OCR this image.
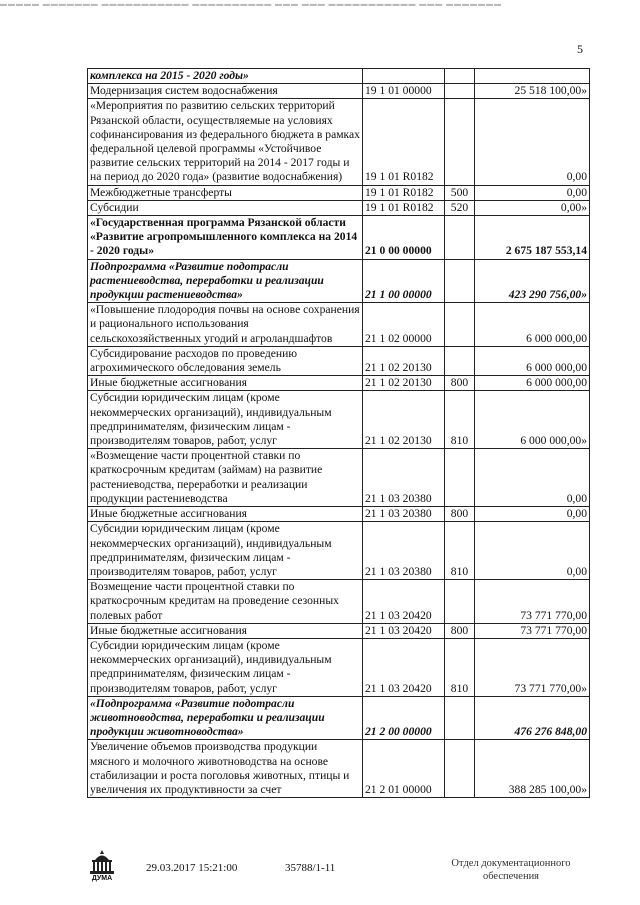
▬▬▬▬▬ ▬▬▬▬▬▬▬ ▬▬▬▬▬▬▬▬▬▬▬ ▬▬▬▬▬▬▬▬▬▬ ▬▬▬ ▬▬▬ ▬▬▬▬▬▬▬▬▬▬▬ ▬▬▬ ▬▬▬▬▬▬▬
5
комплекса на 2015 - 2020 годы»			
Модернизация систем водоснабжения	19 1 01 00000		25 518 100,00»
«Мероприятия по развитию сельских территорий Рязанской области, осуществляемые на условиях софинансирования из федерального бюджета в рамках федеральной целевой программы «Устойчивое развитие сельских территорий на 2014 - 2017 годы и на период до 2020 года» (развитие водоснабжения)	19 1 01 R0182		0,00
Межбюджетные трансферты	19 1 01 R0182	500	0,00
Субсидии	19 1 01 R0182	520	0,00»
«Государственная программа Рязанской области «Развитие агропромышленного комплекса на 2014 - 2020 годы»	21 0 00 00000		2 675 187 553,14
Подпрограмма «Развитие подотрасли растениеводства, переработки и реализации продукции растениеводства»	21 1 00 00000		423 290 756,00»
«Повышение плодородия почвы на основе сохранения и рационального использования сельскохозяйственных угодий и агроландшафтов	21 1 02 00000		6 000 000,00
Субсидирование расходов по проведению агрохимического обследования земель	21 1 02 20130		6 000 000,00
Иные бюджетные ассигнования	21 1 02 20130	800	6 000 000,00
Субсидии юридическим лицам (кроме некоммерческих организаций), индивидуальным предпринимателям, физическим лицам - производителям товаров, работ, услуг	21 1 02 20130	810	6 000 000,00»
«Возмещение части процентной ставки по краткосрочным кредитам (займам) на развитие растениеводства, переработки и реализации продукции растениеводства	21 1 03 20380		0,00
Иные бюджетные ассигнования	21 1 03 20380	800	0,00
Субсидии юридическим лицам (кроме некоммерческих организаций), индивидуальным предпринимателям, физическим лицам - производителям товаров, работ, услуг	21 1 03 20380	810	0,00
Возмещение части процентной ставки по краткосрочным кредитам на проведение сезонных полевых работ	21 1 03 20420		73 771 770,00
Иные бюджетные ассигнования	21 1 03 20420	800	73 771 770,00
Субсидии юридическим лицам (кроме некоммерческих организаций), индивидуальным предпринимателям, физическим лицам - производителям товаров, работ, услуг	21 1 03 20420	810	73 771 770,00»
«Подпрограмма «Развитие подотрасли животноводства, переработки и реализации продукции животноводства»	21 2 00 00000		476 276 848,00
Увеличение объемов производства продукции мясного и молочного животноводства на основе стабилизации и роста поголовья животных, птицы и увеличения их продуктивности за счет	21 2 01 00000		388 285 100,00»
ДУМА
29.03.2017 15:21:00	35788/1-11	Отдел документационного обеспечения
